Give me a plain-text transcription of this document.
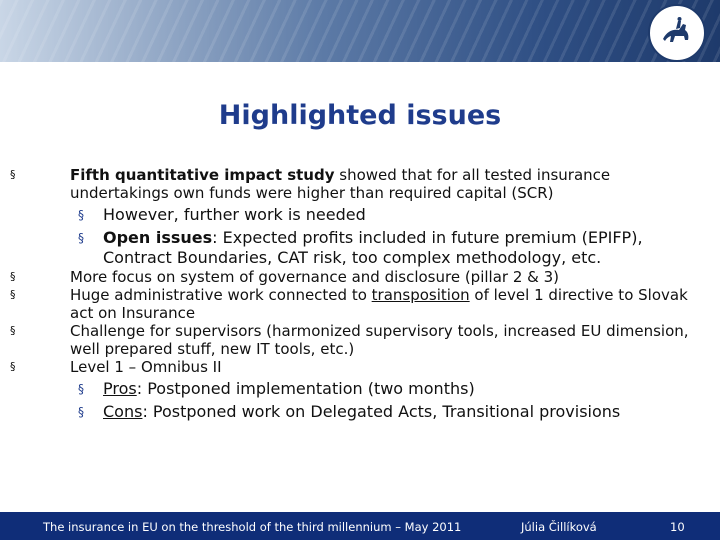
Highlighted issues
§	Fifth quantitative impact study showed that for all tested insurance undertakings own funds were higher than required capital (SCR)
§ However, further work is needed
§ Open issues: Expected profits included in future premium (EPIFP), Contract Boundaries, CAT risk, too complex methodology, etc.
§	More focus on system of governance and disclosure (pillar 2 & 3)
§	Huge administrative work connected to transposition of level 1 directive to Slovak act on Insurance
§	Challenge for supervisors (harmonized supervisory tools, increased EU dimension, well prepared stuff, new IT tools, etc.)
§	Level 1 – Omnibus II
§ Pros: Postponed implementation (two months)
§ Cons: Postponed work on Delegated Acts, Transitional provisions
The insurance in EU on the threshold of the third millennium – May 2011	Júlia Čillíková	10
